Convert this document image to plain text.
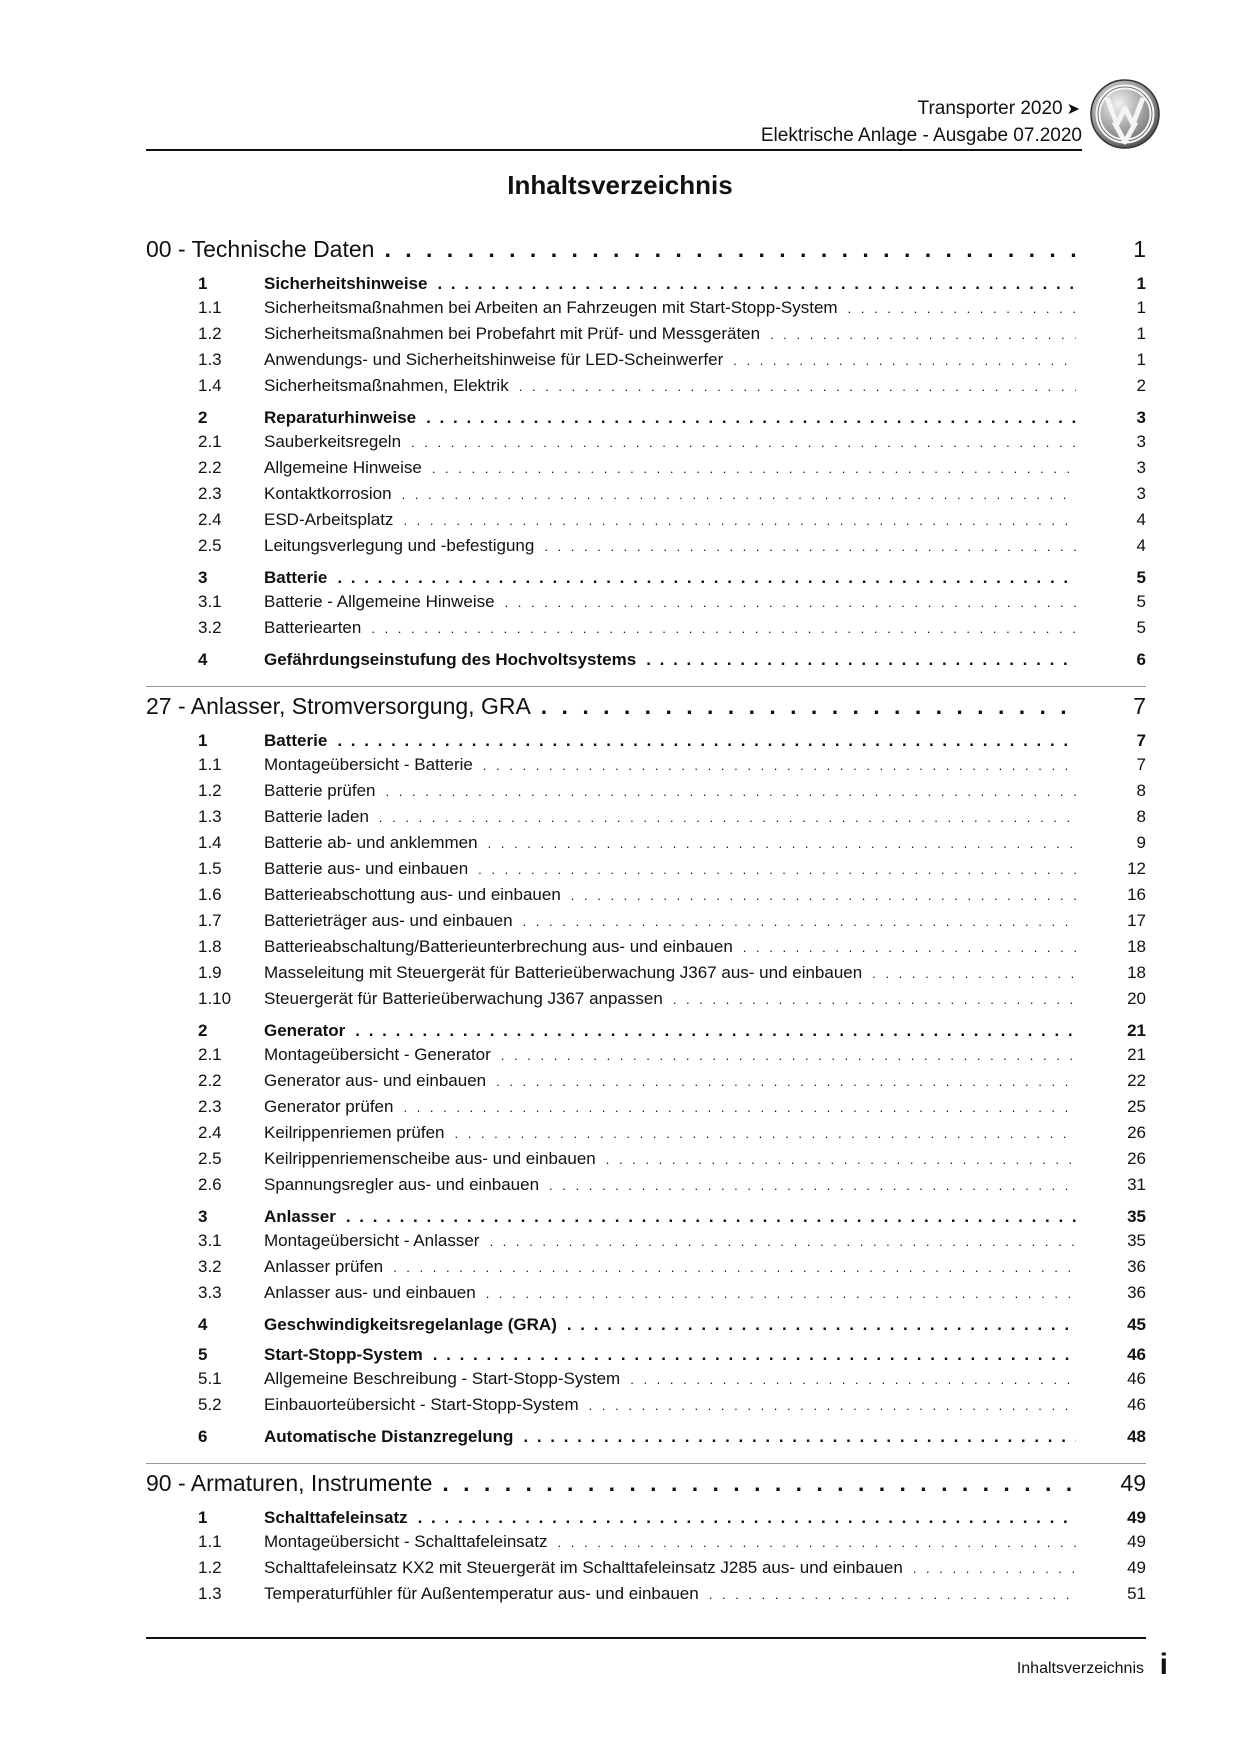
Transporter 2020 ➤
Elektrische Anlage - Ausgabe 07.2020
Inhaltsverzeichnis
00 - Technische Daten . . .	1
1	Sicherheitshinweise . . .	1
1.1	Sicherheitsmaßnahmen bei Arbeiten an Fahrzeugen mit Start-Stopp-System . . .	1
1.2	Sicherheitsmaßnahmen bei Probefahrt mit Prüf- und Messgeräten . . .	1
1.3	Anwendungs- und Sicherheitshinweise für LED-Scheinwerfer . . .	1
1.4	Sicherheitsmaßnahmen, Elektrik . . .	2
2	Reparaturhinweise . . .	3
2.1	Sauberkeitsregeln . . .	3
2.2	Allgemeine Hinweise . . .	3
2.3	Kontaktkorrosion . . .	3
2.4	ESD-Arbeitsplatz . . .	4
2.5	Leitungsverlegung und -befestigung . . .	4
3	Batterie . . .	5
3.1	Batterie - Allgemeine Hinweise . . .	5
3.2	Batteriearten . . .	5
4	Gefährdungseinstufung des Hochvoltsystems . . .	6
27 - Anlasser, Stromversorgung, GRA . . .	7
1	Batterie . . .	7
1.1	Montageübersicht - Batterie . . .	7
1.2	Batterie prüfen . . .	8
1.3	Batterie laden . . .	8
1.4	Batterie ab- und anklemmen . . .	9
1.5	Batterie aus- und einbauen . . .	12
1.6	Batterieabschottung aus- und einbauen . . .	16
1.7	Batterieträger aus- und einbauen . . .	17
1.8	Batterieabschaltung/Batterieunterbrechung aus- und einbauen . . .	18
1.9	Masseleitung mit Steuergerät für Batterieüberwachung J367 aus- und einbauen . . .	18
1.10	Steuergerät für Batterieüberwachung J367 anpassen . . .	20
2	Generator . . .	21
2.1	Montageübersicht - Generator . . .	21
2.2	Generator aus- und einbauen . . .	22
2.3	Generator prüfen . . .	25
2.4	Keilrippenriemen prüfen . . .	26
2.5	Keilrippenriemenscheibe aus- und einbauen . . .	26
2.6	Spannungsregler aus- und einbauen . . .	31
3	Anlasser . . .	35
3.1	Montageübersicht - Anlasser . . .	35
3.2	Anlasser prüfen . . .	36
3.3	Anlasser aus- und einbauen . . .	36
4	Geschwindigkeitsregelanlage (GRA) . . .	45
5	Start-Stopp-System . . .	46
5.1	Allgemeine Beschreibung - Start-Stopp-System . . .	46
5.2	Einbauorteübersicht - Start-Stopp-System . . .	46
6	Automatische Distanzregelung . . .	48
90 - Armaturen, Instrumente . . .	49
1	Schalttafeleinsatz . . .	49
1.1	Montageübersicht - Schalttafeleinsatz . . .	49
1.2	Schalttafeleinsatz KX2 mit Steuergerät im Schalttafeleinsatz J285 aus- und einbauen . . .	49
1.3	Temperaturfühler für Außentemperatur aus- und einbauen . . .	51
Inhaltsverzeichnis i
